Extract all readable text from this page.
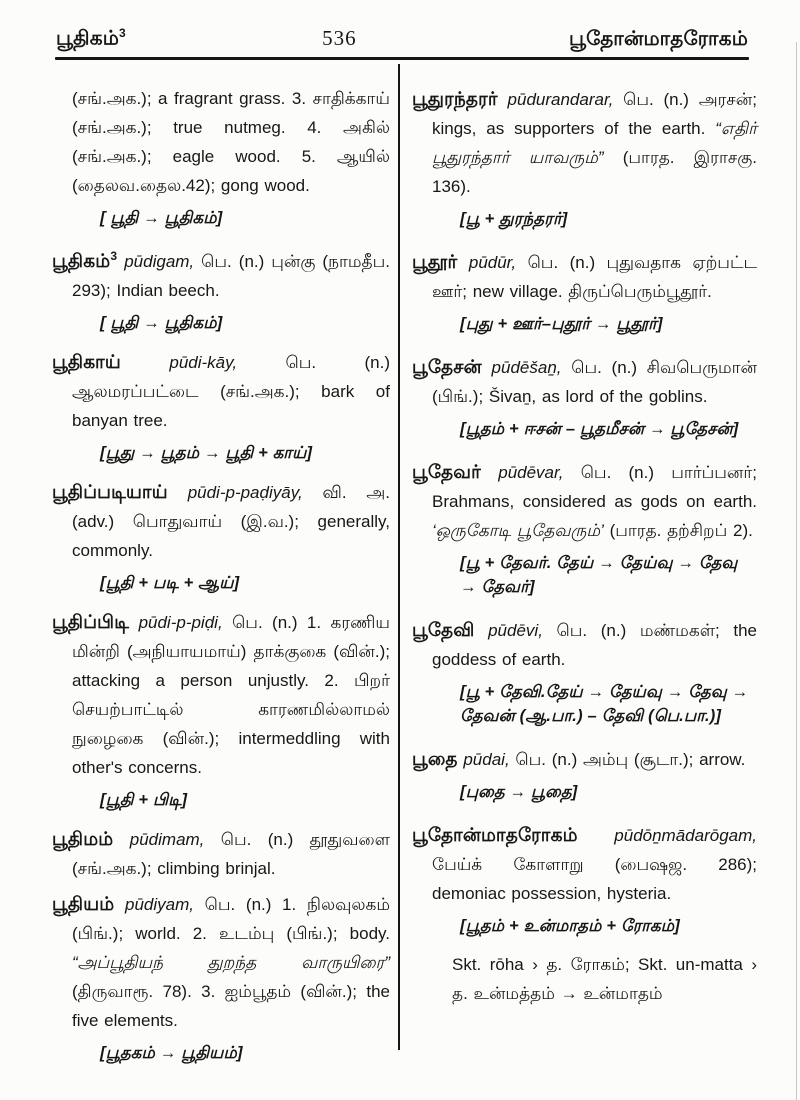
பூதிகம்$^3$	536	பூதோன்மாதரோகம்

(சங்.அக.); a fragrant grass. 3. சாதிக்காய் (சங்.அக.); true nutmeg. 4. அகில் (சங்.அக.); eagle wood. 5. ஆயில் (தைலவ.தைல.42); gong wood.

[ பூதி → பூதிகம்]

பூதிகம்$^3$ pūdigam, பெ. (n.) புன்கு (நாமதீப. 293); Indian beech.

[ பூதி → பூதிகம்]

பூதிகாய்	pūdi-kāy,	பெ. (n.) ஆலமரப்பட்டை (சங்.அக.); bark of banyan tree.

[பூது → பூதம் → பூதி + காய்]

பூதிப்படியாய் pūdi-p-paḍiyāy, வி. அ. (adv.) பொதுவாய் (இ.வ.); generally, commonly.

[பூதி + படி + ஆய்]

பூதிப்பிடி pūdi-p-piḍi, பெ. (n.) 1. கரணிய மின்றி (அநியாயமாய்) தாக்குகை (வின்.); attacking a person unjustly. 2. பிறர் செயற்பாட்டில் காரணமில்லாமல் நுழைகை (வின்.); intermeddling with other's concerns.

[பூதி + பிடி]

பூதிமம் pūdimam, பெ. (n.) தூதுவளை (சங்.அக.); climbing brinjal.

பூதியம் pūdiyam, பெ. (n.) 1. நிலவுலகம் (பிங்.); world. 2. உடம்பு (பிங்.); body. “அப்பூதியந் துறந்த வாருயிரை” (திருவாரூ. 78). 3. ஐம்பூதம் (வின்.); the five elements.

[பூதகம் → பூதியம்]

பூதுரந்தரர் pūdurandarar, பெ. (n.) அரசன்; kings, as supporters of the earth. “எதிர் பூதுரந்தார் யாவரும்” (பாரத. இராசகு. 136).

[பூ + துரந்தரர்]

பூதூர் pūdūr, பெ. (n.) புதுவதாக ஏற்பட்ட ஊர்; new village. திருப்பெரும்பூதூர்.

[புது + ஊர்–புதூர் → பூதூர்]

பூதேசன் pūdēšaṉ, பெ. (n.) சிவபெருமான் (பிங்.); Šivaṉ, as lord of the goblins.

[பூதம் + ஈசன் – பூதமீசன் → பூதேசன்]

பூதேவர் pūdēvar, பெ. (n.) பார்ப்பனர்; Brahmans, considered as gods on earth. ‘ஒருகோடி பூதேவரும்’ (பாரத. தற்சிறப் 2).

[பூ + தேவர். தேய் → தேய்வு → தேவு → தேவர்]

பூதேவி pūdēvi, பெ. (n.) மண்மகள்; the goddess of earth.

[பூ + தேவி.தேய் → தேய்வு → தேவு → தேவன் (ஆ.பா.) – தேவி (பெ.பா.)]

பூதை pūdai, பெ. (n.) அம்பு (சூடா.); arrow.

[புதை → பூதை]

பூதோன்மாதரோகம் pūdōṉmādarōgam, பேய்க் கோளாறு (பைஷஜ. 286); demoniac possession, hysteria.

[பூதம் + உன்மாதம் + ரோகம்]

Skt. rōha › த. ரோகம்; Skt. un-matta › த. உன்மத்தம் → உன்மாதம்
